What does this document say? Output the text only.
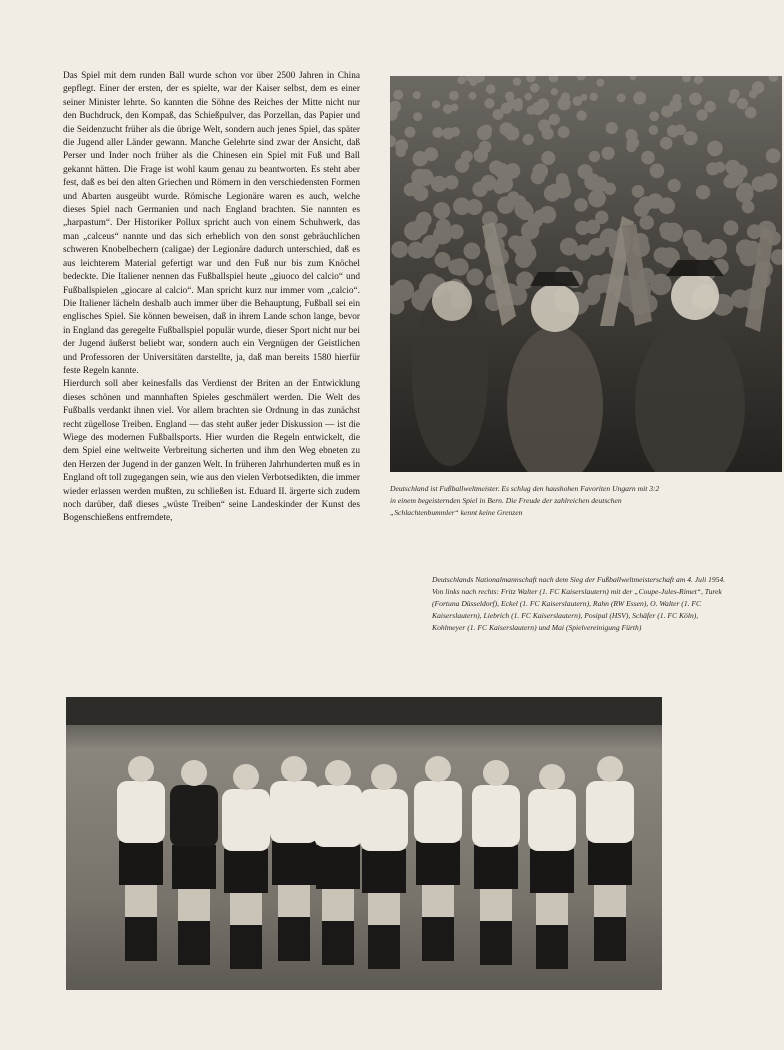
Das Spiel mit dem runden Ball wurde schon vor über 2500 Jahren in China gepflegt. Einer der ersten, der es spielte, war der Kaiser selbst, dem es einer seiner Minister lehrte. So kannten die Söhne des Reiches der Mitte nicht nur den Buchdruck, den Kompaß, das Schießpulver, das Porzellan, das Papier und die Seidenzucht früher als die übrige Welt, sondern auch jenes Spiel, das später die Jugend aller Länder gewann. Manche Gelehrte sind zwar der Ansicht, daß Perser und Inder noch früher als die Chinesen ein Spiel mit Fuß und Ball gekannt hätten. Die Frage ist wohl kaum genau zu beantworten. Es steht aber fest, daß es bei den alten Griechen und Römern in den verschiedensten Formen und Abarten ausgeübt wurde. Römische Legionäre waren es auch, welche dieses Spiel nach Germanien und nach England brachten. Sie nannten es „harpastum“. Der Historiker Pollux spricht auch von einem Schuhwerk, das man „calceus“ nannte und das sich erheblich von den sonst gebräuchlichen schweren Knobelbechern (caligae) der Legionäre dadurch unterschied, daß es aus leichterem Material gefertigt war und den Fuß nur bis zum Knöchel bedeckte. Die Italiener nennen das Fußballspiel heute „giuoco del calcio“ und Fußballspielen „giocare al calcio“. Man spricht kurz nur immer vom „calcio“. Die Italiener lächeln deshalb auch immer über die Behauptung, Fußball sei ein englisches Spiel. Sie können beweisen, daß in ihrem Lande schon lange, bevor in England das geregelte Fußballspiel populär wurde, dieser Sport nicht nur bei der Jugend äußerst beliebt war, sondern auch ein Vergnügen der Geistlichen und Professoren der Universitäten darstellte, ja, daß man bereits 1580 hierfür feste Regeln kannte.

Hierdurch soll aber keinesfalls das Verdienst der Briten an der Entwicklung dieses schönen und mannhaften Spieles geschmälert werden. Die Welt des Fußballs verdankt ihnen viel. Vor allem brachten sie Ordnung in das zunächst recht zügellose Treiben. England — das steht außer jeder Diskussion — ist die Wiege des modernen Fußballsports. Hier wurden die Regeln entwickelt, die dem Spiel eine weltweite Verbreitung sicherten und ihm den Weg ebneten zu den Herzen der Jugend in der ganzen Welt. In früheren Jahrhunderten muß es in England oft toll zugegangen sein, wie aus den vielen Verbotsedikten, die immer wieder erlassen werden mußten, zu schließen ist. Eduard II. ärgerte sich zudem noch darüber, daß dieses „wüste Treiben“ seine Landeskinder der Kunst des Bogenschießens entfremdete,

Deutschland ist Fußballweltmeister. Es schlug den haushohen Favoriten Ungarn mit 3:2 in einem begeisternden Spiel in Bern. Die Freude der zahlreichen deutschen „Schlachtenbummler“ kennt keine Grenzen

Deutschlands Nationalmannschaft nach dem Sieg der Fußballweltmeisterschaft am 4. Juli 1954. Von links nach rechts: Fritz Walter (1. FC Kaiserslautern) mit der „Coupe-Jules-Rimet“, Turek (Fortuna Düsseldorf), Eckel (1. FC Kaiserslautern), Rahn (RW Essen), O. Walter (1. FC Kaiserslautern), Liebrich (1. FC Kaiserslautern), Posipal (HSV), Schäfer (1. FC Köln), Kohlmeyer (1. FC Kaiserslautern) und Mai (Spielvereinigung Fürth)
